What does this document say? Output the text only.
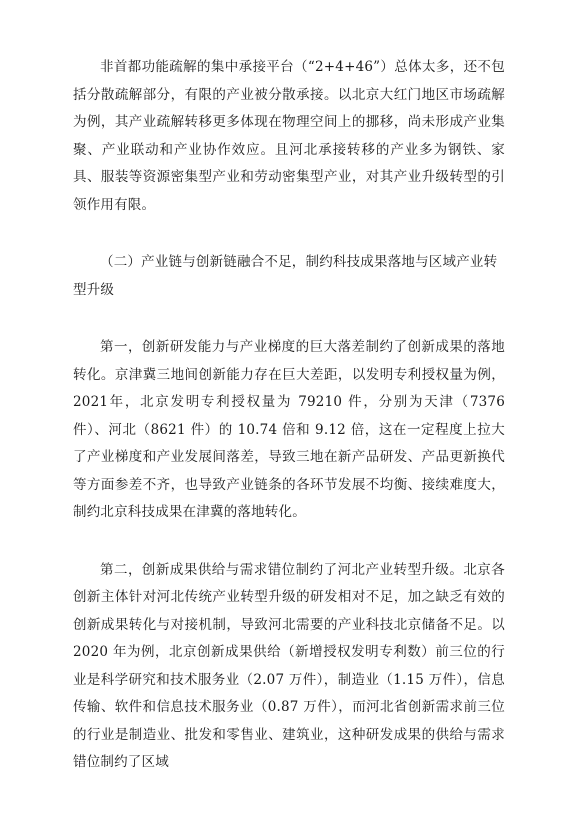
非首都功能疏解的集中承接平台（“2+4+46”）总体太多，还不包括分散疏解部分，有限的产业被分散承接。以北京大红门地区市场疏解为例，其产业疏解转移更多体现在物理空间上的挪移，尚未形成产业集聚、产业联动和产业协作效应。且河北承接转移的产业多为钢铁、家具、服装等资源密集型产业和劳动密集型产业，对其产业升级转型的引领作用有限。

（二）产业链与创新链融合不足，制约科技成果落地与区域产业转型升级

第一，创新研发能力与产业梯度的巨大落差制约了创新成果的落地转化。京津冀三地间创新能力存在巨大差距，以发明专利授权量为例，2021年，北京发明专利授权量为 79210 件，分别为天津（7376 件）、河北（8621 件）的 10.74 倍和 9.12 倍，这在一定程度上拉大了产业梯度和产业发展间落差，导致三地在新产品研发、产品更新换代等方面参差不齐，也导致产业链条的各环节发展不均衡、接续难度大，制约北京科技成果在津冀的落地转化。

第二，创新成果供给与需求错位制约了河北产业转型升级。北京各创新主体针对河北传统产业转型升级的研发相对不足，加之缺乏有效的创新成果转化与对接机制，导致河北需要的产业科技北京储备不足。以 2020 年为例，北京创新成果供给（新增授权发明专利数）前三位的行业是科学研究和技术服务业（2.07 万件），制造业（1.15 万件），信息传输、软件和信息技术服务业（0.87 万件），而河北省创新需求前三位的行业是制造业、批发和零售业、建筑业，这种研发成果的供给与需求错位制约了区域
